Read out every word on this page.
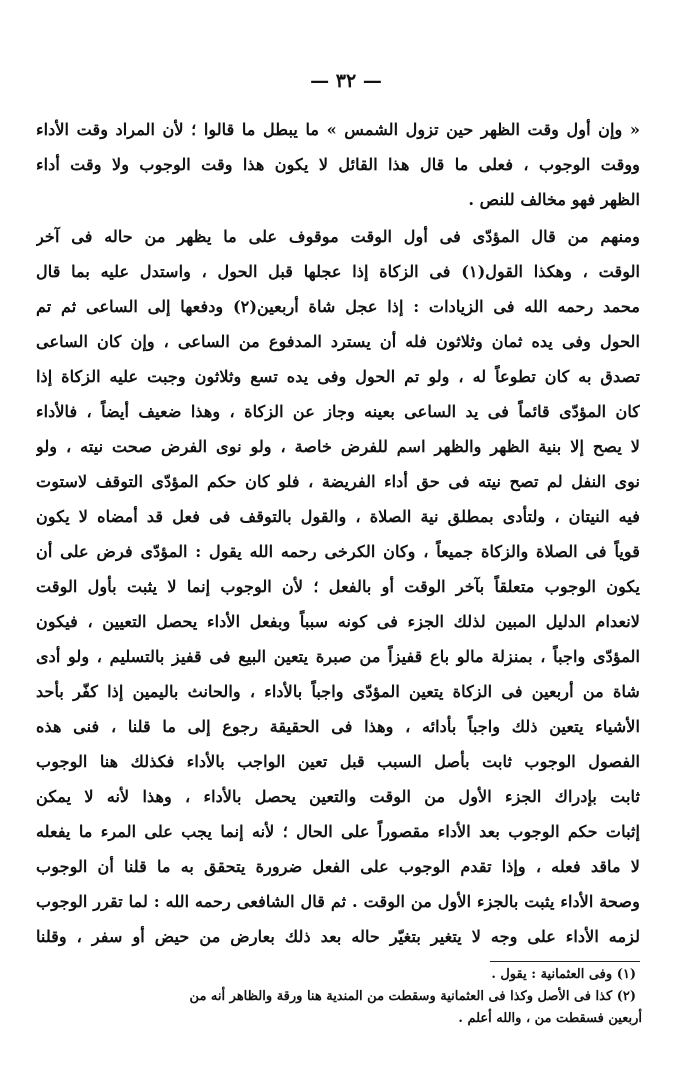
— ٣٢ —
« وإن أول وقت الظهر حين تزول الشمس » ما يبطل ما قالوا ؛ لأن المراد وقت الأداء
ووقت الوجوب ، فعلى ما قال هذا القائل لا يكون هذا وقت الوجوب ولا وقت أداء
الظهر فهو مخالف للنص .
ومنهم من قال المؤدّى فى أول الوقت موقوف على ما يظهر من حاله فى آخر
الوقت ، وهكذا القول(١) فى الزكاة إذا عجلها قبل الحول ، واستدل عليه بما قال
محمد رحمه الله فى الزيادات : إذا عجل شاة أربعين(٢) ودفعها إلى الساعى ثم تم
الحول وفى يده ثمان وثلاثون فله أن يسترد المدفوع من الساعى ، وإن كان الساعى
تصدق به كان تطوعاً له ، ولو تم الحول وفى يده تسع وثلاثون وجبت عليه الزكاة إذا
كان المؤدّى قائماً فى يد الساعى بعينه وجاز عن الزكاة ، وهذا ضعيف أيضاً ، فالأداء
لا يصح إلا بنية الظهر والظهر اسم للفرض خاصة ، ولو نوى الفرض صحت نيته ، ولو
نوى النفل لم تصح نيته فى حق أداء الفريضة ، فلو كان حكم المؤدّى التوقف لاستوت
فيه النيتان ، ولتأدى بمطلق نية الصلاة ، والقول بالتوقف فى فعل قد أمضاه لا يكون
قوياً فى الصلاة والزكاة جميعاً ، وكان الكرخى رحمه الله يقول : المؤدّى فرض على أن
يكون الوجوب متعلقاً بآخر الوقت أو بالفعل ؛ لأن الوجوب إنما لا يثبت بأول الوقت
لانعدام الدليل المبين لذلك الجزء فى كونه سبباً وبفعل الأداء يحصل التعيين ، فيكون
المؤدّى واجباً ، بمنزلة مالو باع قفيزاً من صبرة يتعين البيع فى قفيز بالتسليم ، ولو أدى
شاة من أربعين فى الزكاة يتعين المؤدّى واجباً بالأداء ، والحانث باليمين إذا كفّر بأحد
الأشياء يتعين ذلك واجباً بأدائه ، وهذا فى الحقيقة رجوع إلى ما قلنا ، فنى هذه
الفصول الوجوب ثابت بأصل السبب قبل تعين الواجب بالأداء فكذلك هنا الوجوب
ثابت بإدراك الجزء الأول من الوقت والتعين يحصل بالأداء ، وهذا لأنه لا يمكن
إثبات حكم الوجوب بعد الأداء مقصوراً على الحال ؛ لأنه إنما يجب على المرء ما يفعله
لا ماقد فعله ، وإذا تقدم الوجوب على الفعل ضرورة يتحقق به ما قلنا أن الوجوب
وصحة الأداء يثبت بالجزء الأول من الوقت . ثم قال الشافعى رحمه الله : لما تقرر الوجوب
لزمه الأداء على وجه لا يتغير بتغيّر حاله بعد ذلك بعارض من حيض أو سفر ، وقلنا
(١) وفى العثمانية : يقول .
(٢) كذا فى الأصل وكذا فى العثمانية وسقطت من المندية هنا ورقة والظاهر أنه من
أربعين فسقطت من ، والله أعلم .
